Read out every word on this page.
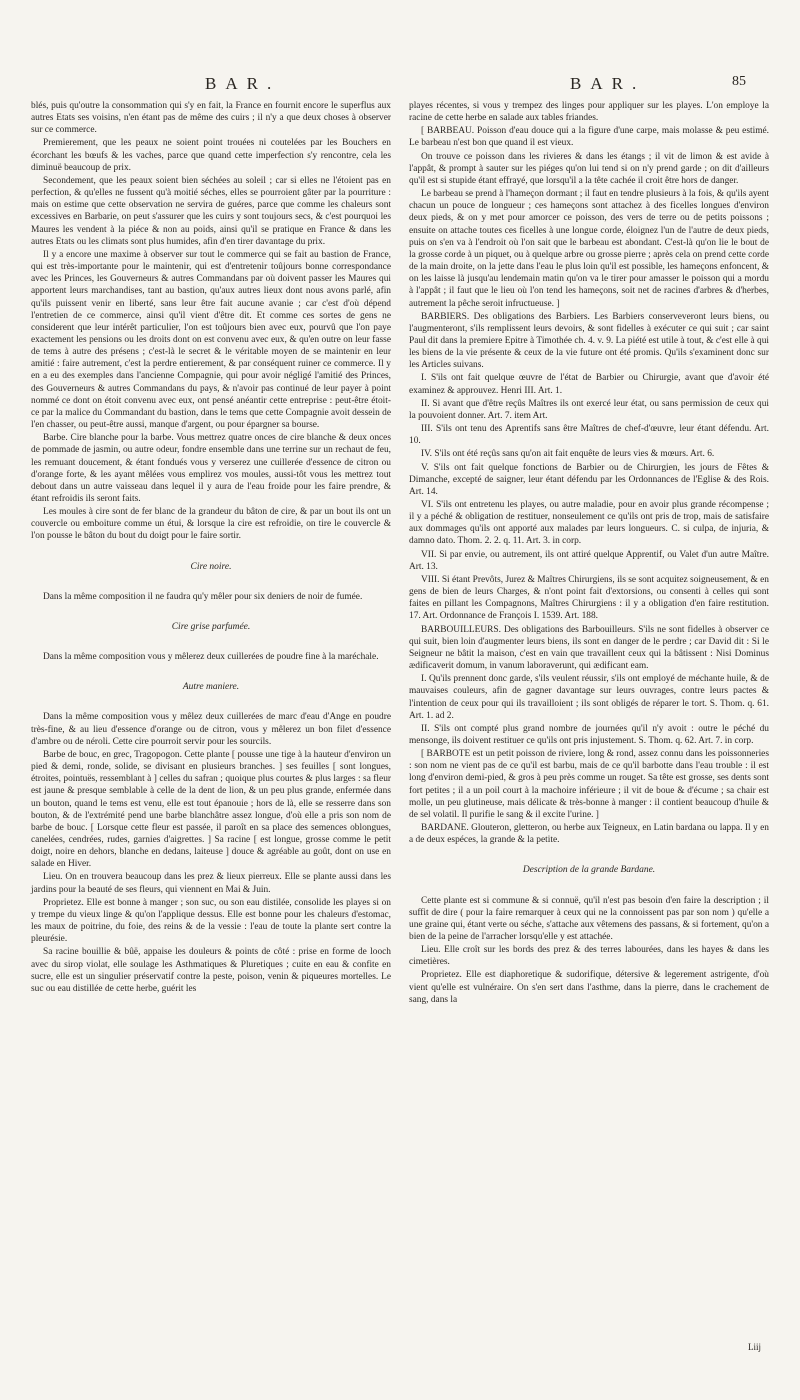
BAR.	BAR.	85

blés, puis qu'outre la consommation qui s'y en fait, la France en fournit encore le superflus aux autres Etats ses voisins, n'en étant pas de même des cuirs ; il n'y a que deux choses à observer sur ce commerce.

Premierement, que les peaux ne soient point trouées ni coutelées par les Bouchers en écorchant les bœufs & les vaches, parce que quand cette imperfection s'y rencontre, cela les diminuë beaucoup de prix.

Secondement, que les peaux soient bien séchées au soleil ; car si elles ne l'étoient pas en perfection, & qu'elles ne fussent qu'à moitié séches, elles se pourroient gâter par la pourriture : mais on estime que cette observation ne servira de guéres, parce que comme les chaleurs sont excessives en Barbarie, on peut s'assurer que les cuirs y sont toujours secs, & c'est pourquoi les Maures les vendent à la piéce & non au poids, ainsi qu'il se pratique en France & dans les autres Etats ou les climats sont plus humides, afin d'en tirer davantage du prix.

Il y a encore une maxime à observer sur tout le commerce qui se fait au bastion de France, qui est très-importante pour le maintenir, qui est d'entretenir toûjours bonne correspondance avec les Princes, les Gouverneurs & autres Commandans par où doivent passer les Maures qui apportent leurs marchandises, tant au bastion, qu'aux autres lieux dont nous avons parlé, afin qu'ils puissent venir en liberté, sans leur être fait aucune avanie ; car c'est d'où dépend l'entretien de ce commerce, ainsi qu'il vient d'être dit. Et comme ces sortes de gens ne considerent que leur intérêt particulier, l'on est toûjours bien avec eux, pourvû que l'on paye exactement les pensions ou les droits dont on est convenu avec eux, & qu'en outre on leur fasse de tems à autre des présens ; c'est-là le secret & le véritable moyen de se maintenir en leur amitié : faire autrement, c'est la perdre entierement, & par conséquent ruiner ce commerce. Il y en a eu des exemples dans l'ancienne Compagnie, qui pour avoir négligé l'amitié des Princes, des Gouverneurs & autres Commandans du pays, & n'avoir pas continué de leur payer à point nommé ce dont on étoit convenu avec eux, ont pensé anéantir cette entreprise : peut-être étoit-ce par la malice du Commandant du bastion, dans le tems que cette Compagnie avoit dessein de l'en chasser, ou peut-être aussi, manque d'argent, ou pour épargner sa bourse.

Barbe. Cire blanche pour la barbe. Vous mettrez quatre onces de cire blanche & deux onces de pommade de jasmin, ou autre odeur, fondre ensemble dans une terrine sur un rechaut de feu, les remuant doucement, & étant fondués vous y verserez une cuillerée d'essence de citron ou d'orange forte, & les ayant mêlées vous emplirez vos moules, aussi-tôt vous les mettrez tout debout dans un autre vaisseau dans lequel il y aura de l'eau froide pour les faire prendre, & étant refroidis ils seront faits.

Les moules à cire sont de fer blanc de la grandeur du bâton de cire, & par un bout ils ont un couvercle ou emboiture comme un étui, & lorsque la cire est refroidie, on tire le couvercle & l'on pousse le bâton du bout du doigt pour le faire sortir.

Cire noire.

Dans la même composition il ne faudra qu'y mêler pour six deniers de noir de fumée.

Cire grise parfumée.

Dans la même composition vous y mêlerez deux cuillerées de poudre fine à la maréchale.

Autre maniere.

Dans la même composition vous y mêlez deux cuillerées de marc d'eau d'Ange en poudre très-fine, & au lieu d'essence d'orange ou de citron, vous y mêlerez un bon filet d'essence d'ambre ou de néroli. Cette cire pourroit servir pour les sourcils.

Barbe de bouc, en grec, Tragopogon. Cette plante [ pousse une tige à la hauteur d'environ un pied & demi, ronde, solide, se divisant en plusieurs branches. ] ses feuilles [ sont longues, étroites, pointuës, ressemblant à ] celles du safran ; quoique plus courtes & plus larges : sa fleur est jaune & presque semblable à celle de la dent de lion, & un peu plus grande, enfermée dans un bouton, quand le tems est venu, elle est tout épanouie ; hors de là, elle se resserre dans son bouton, & de l'extrémité pend une barbe blanchâtre assez longue, d'où elle a pris son nom de barbe de bouc. [ Lorsque cette fleur est passée, il paroît en sa place des semences oblongues, canelées, cendrées, rudes, garnies d'aigrettes. ] Sa racine [ est longue, grosse comme le petit doigt, noire en dehors, blanche en dedans, laiteuse ] douce & agréable au goût, dont on use en salade en Hiver.

Lieu. On en trouvera beaucoup dans les prez & lieux pierreux. Elle se plante aussi dans les jardins pour la beauté de ses fleurs, qui viennent en Mai & Juin.

Proprietez. Elle est bonne à manger ; son suc, ou son eau distilée, consolide les playes si on y trempe du vieux linge & qu'on l'applique dessus. Elle est bonne pour les chaleurs d'estomac, les maux de poitrine, du foie, des reins & de la vessie : l'eau de toute la plante sert contre la pleurésie.

Sa racine bouillie & bûë, appaise les douleurs & points de côté : prise en forme de looch avec du sirop violat, elle soulage les Asthmatiques & Pluretiques ; cuite en eau & confite en sucre, elle est un singulier préservatif contre la peste, poison, venin & piqueures mortelles. Le suc ou eau distillée de cette herbe, guérit les

playes récentes, si vous y trempez des linges pour appliquer sur les playes. L'on employe la racine de cette herbe en salade aux tables friandes.

[ BARBEAU. Poisson d'eau douce qui a la figure d'une carpe, mais molasse & peu estimé. Le barbeau n'est bon que quand il est vieux.

On trouve ce poisson dans les rivieres & dans les étangs ; il vit de limon & est avide à l'appât, & prompt à sauter sur les piéges qu'on lui tend si on n'y prend garde ; on dit d'ailleurs qu'il est si stupide étant effrayé, que lorsqu'il a la tête cachée il croit être hors de danger.

Le barbeau se prend à l'hameçon dormant ; il faut en tendre plusieurs à la fois, & qu'ils ayent chacun un pouce de longueur ; ces hameçons sont attachez à des ficelles longues d'environ deux pieds, & on y met pour amorcer ce poisson, des vers de terre ou de petits poissons ; ensuite on attache toutes ces ficelles à une longue corde, éloignez l'un de l'autre de deux pieds, puis on s'en va à l'endroit où l'on sait que le barbeau est abondant. C'est-là qu'on lie le bout de la grosse corde à un piquet, ou à quelque arbre ou grosse pierre ; après cela on prend cette corde de la main droite, on la jette dans l'eau le plus loin qu'il est possible, les hameçons enfoncent, & on les laisse là jusqu'au lendemain matin qu'on va le tirer pour amasser le poisson qui a mordu à l'appât ; il faut que le lieu où l'on tend les hameçons, soit net de racines d'arbres & d'herbes, autrement la pêche seroit infructueuse. ]

BARBIERS. Des obligations des Barbiers. Les Barbiers conserveveront leurs biens, ou l'augmenteront, s'ils remplissent leurs devoirs, & sont fidelles à exécuter ce qui suit ; car saint Paul dit dans la premiere Epitre à Timothée ch. 4. v. 9. La piété est utile à tout, & c'est elle à qui les biens de la vie présente & ceux de la vie future ont été promis. Qu'ils s'examinent donc sur les Articles suivans.

I. S'ils ont fait quelque œuvre de l'état de Barbier ou Chirurgie, avant que d'avoir été examinez & approuvez. Henri III. Art. 1.

II. Si avant que d'être reçûs Maîtres ils ont exercé leur état, ou sans permission de ceux qui la pouvoient donner. Art. 7. item Art.

III. S'ils ont tenu des Aprentifs sans être Maîtres de chef-d'œuvre, leur étant défendu. Art. 10.

IV. S'ils ont été reçûs sans qu'on ait fait enquête de leurs vies & mœurs. Art. 6.

V. S'ils ont fait quelque fonctions de Barbier ou de Chirurgien, les jours de Fêtes & Dimanche, excepté de saigner, leur étant défendu par les Ordonnances de l'Eglise & des Rois. Art. 14.

VI. S'ils ont entretenu les playes, ou autre maladie, pour en avoir plus grande récompense ; il y a péché & obligation de restituer, nonseulement ce qu'ils ont pris de trop, mais de satisfaire aux dommages qu'ils ont apporté aux malades par leurs longueurs. C. si culpa, de injuria, & damno dato. Thom. 2. 2. q. 11. Art. 3. in corp.

VII. Si par envie, ou autrement, ils ont attiré quelque Apprentif, ou Valet d'un autre Maître. Art. 13.

VIII. Si étant Prevôts, Jurez & Maîtres Chirurgiens, ils se sont acquitez soigneusement, & en gens de bien de leurs Charges, & n'ont point fait d'extorsions, ou consenti à celles qui sont faites en pillant les Compagnons, Maîtres Chirurgiens : il y a obligation d'en faire restitution. 17. Art. Ordonnance de François I. 1539. Art. 188.

BARBOUILLEURS. Des obligations des Barbouilleurs. S'ils ne sont fidelles à observer ce qui suit, bien loin d'augmenter leurs biens, ils sont en danger de le perdre ; car David dit : Si le Seigneur ne bâtit la maison, c'est en vain que travaillent ceux qui la bâtissent : Nisi Dominus ædificaverit domum, in vanum laboraverunt, qui ædificant eam.

I. Qu'ils prennent donc garde, s'ils veulent réussir, s'ils ont employé de méchante huile, & de mauvaises couleurs, afin de gagner davantage sur leurs ouvrages, contre leurs pactes & l'intention de ceux pour qui ils travailloient ; ils sont obligés de réparer le tort. S. Thom. q. 61. Art. 1. ad 2.

II. S'ils ont compté plus grand nombre de journées qu'il n'y avoit : outre le péché du mensonge, ils doivent restituer ce qu'ils ont pris injustement. S. Thom. q. 62. Art. 7. in corp.

[ BARBOTE est un petit poisson de riviere, long & rond, assez connu dans les poissonneries : son nom ne vient pas de ce qu'il est barbu, mais de ce qu'il barbotte dans l'eau trouble : il est long d'environ demi-pied, & gros à peu près comme un rouget. Sa tête est grosse, ses dents sont fort petites ; il a un poil court à la machoire inférieure ; il vit de boue & d'écume ; sa chair est molle, un peu glutineuse, mais délicate & très-bonne à manger : il contient beaucoup d'huile & de sel volatil. Il purifie le sang & il excite l'urine. ]

BARDANE. Glouteron, gletteron, ou herbe aux Teigneux, en Latin bardana ou lappa. Il y en a de deux espéces, la grande & la petite.

Description de la grande Bardane.

Cette plante est si commune & si connuë, qu'il n'est pas besoin d'en faire la description ; il suffit de dire ( pour la faire remarquer à ceux qui ne la connoissent pas par son nom ) qu'elle a une graine qui, étant verte ou séche, s'attache aux vêtemens des passans, & si fortement, qu'on a bien de la peine de l'arracher lorsqu'elle y est attachée.

Lieu. Elle croît sur les bords des prez & des terres labourées, dans les hayes & dans les cimetières.

Proprietez. Elle est diaphoretique & sudorifique, détersive & legerement astrigente, d'où vient qu'elle est vulnéraire. On s'en sert dans l'asthme, dans la pierre, dans le crachement de sang, dans la

Liij
